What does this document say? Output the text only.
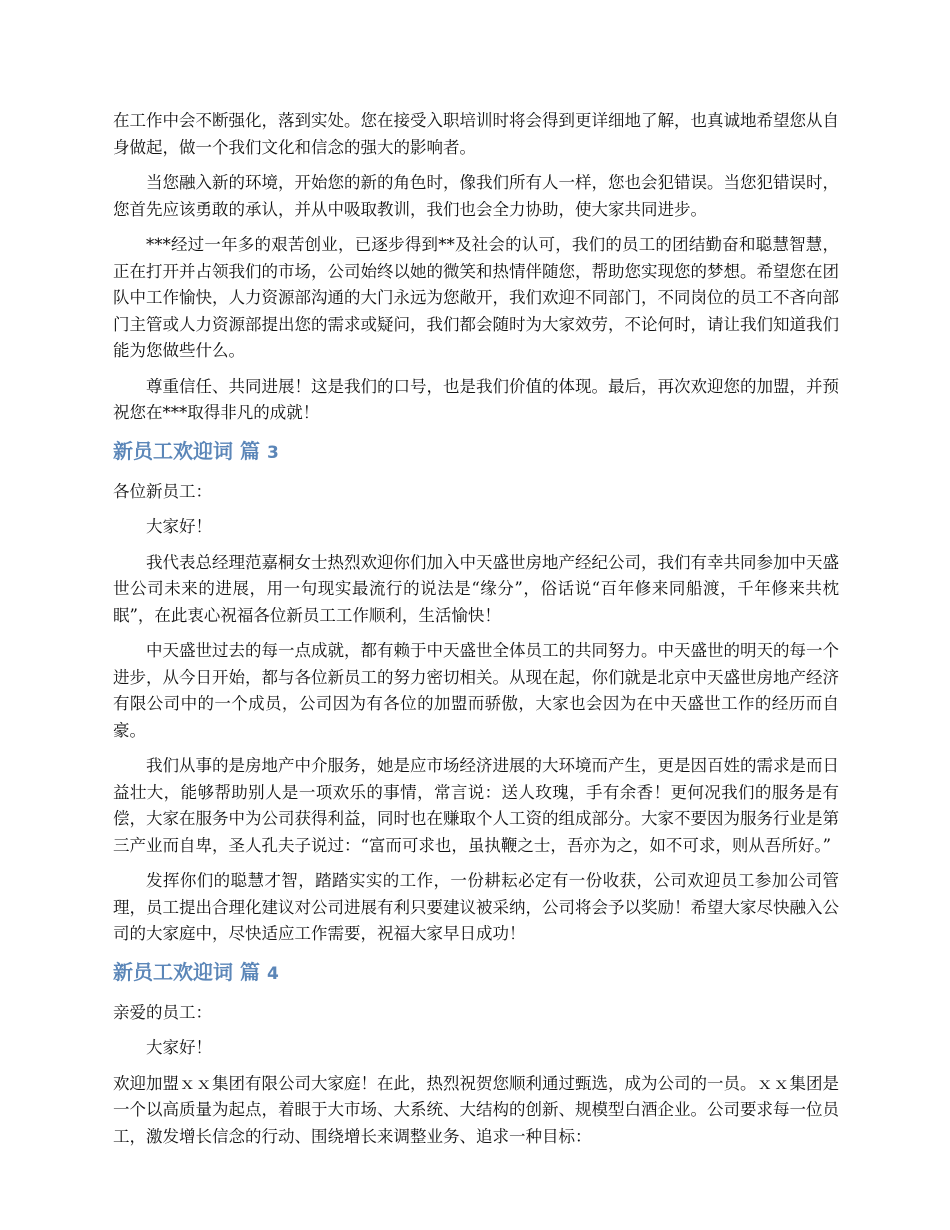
在工作中会不断强化，落到实处。您在接受入职培训时将会得到更详细地了解，也真诚地希望您从自身做起，做一个我们文化和信念的强大的影响者。

当您融入新的环境，开始您的新的角色时，像我们所有人一样，您也会犯错误。当您犯错误时，您首先应该勇敢的承认，并从中吸取教训，我们也会全力协助，使大家共同进步。

***经过一年多的艰苦创业，已逐步得到**及社会的认可，我们的员工的团结勤奋和聪慧智慧，正在打开并占领我们的市场，公司始终以她的微笑和热情伴随您，帮助您实现您的梦想。希望您在团队中工作愉快，人力资源部沟通的大门永远为您敞开，我们欢迎不同部门，不同岗位的员工不吝向部门主管或人力资源部提出您的需求或疑问，我们都会随时为大家效劳，不论何时，请让我们知道我们能为您做些什么。

尊重信任、共同进展！这是我们的口号，也是我们价值的体现。最后，再次欢迎您的加盟，并预祝您在***取得非凡的成就！

新员工欢迎词 篇 3

各位新员工：

大家好！

我代表总经理范嘉桐女士热烈欢迎你们加入中天盛世房地产经纪公司，我们有幸共同参加中天盛世公司未来的进展，用一句现实最流行的说法是“缘分”，俗话说“百年修来同船渡，千年修来共枕眠”，在此衷心祝福各位新员工工作顺利，生活愉快！

中天盛世过去的每一点成就，都有赖于中天盛世全体员工的共同努力。中天盛世的明天的每一个进步，从今日开始，都与各位新员工的努力密切相关。从现在起，你们就是北京中天盛世房地产经济有限公司中的一个成员，公司因为有各位的加盟而骄傲，大家也会因为在中天盛世工作的经历而自豪。

我们从事的是房地产中介服务，她是应市场经济进展的大环境而产生，更是因百姓的需求是而日益壮大，能够帮助别人是一项欢乐的事情，常言说：送人玫瑰，手有余香！更何况我们的服务是有偿，大家在服务中为公司获得利益，同时也在赚取个人工资的组成部分。大家不要因为服务行业是第三产业而自卑，圣人孔夫子说过：“富而可求也，虽执鞭之士，吾亦为之，如不可求，则从吾所好。”

发挥你们的聪慧才智，踏踏实实的工作，一份耕耘必定有一份收获，公司欢迎员工参加公司管理，员工提出合理化建议对公司进展有利只要建议被采纳，公司将会予以奖励！希望大家尽快融入公司的大家庭中，尽快适应工作需要，祝福大家早日成功！

新员工欢迎词 篇 4

亲爱的员工：

大家好！

欢迎加盟ｘｘ集团有限公司大家庭！在此，热烈祝贺您顺利通过甄选，成为公司的一员。ｘｘ集团是一个以高质量为起点，着眼于大市场、大系统、大结构的创新、规模型白酒企业。公司要求每一位员工，激发增长信念的行动、围绕增长来调整业务、追求一种目标：
